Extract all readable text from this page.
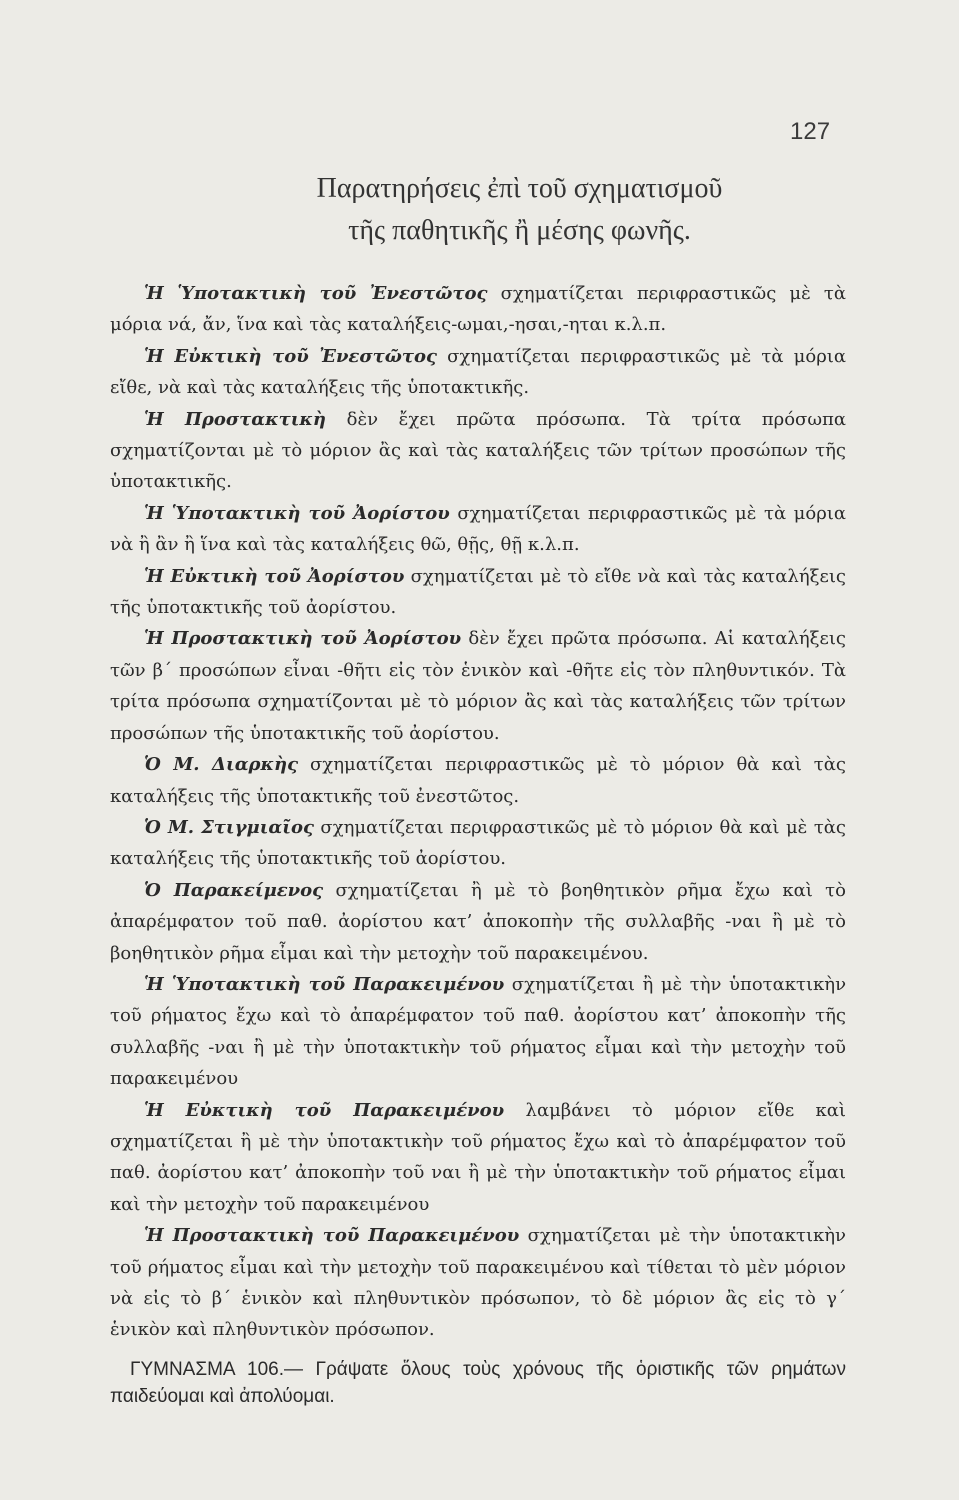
127
Παρατηρήσεις ἐπὶ τοῦ σχηματισμοῦ
τῆς παθητικῆς ἢ μέσης φωνῆς.

Ἡ Ὑποτακτικὴ τοῦ Ἐνεστῶτος σχηματίζεται περιφραστικῶς μὲ τὰ μόρια νά, ἄν, ἵνα καὶ τὰς καταλήξεις-ωμαι,-ησαι,-ηται κ.λ.π.

Ἡ Εὐκτικὴ τοῦ Ἐνεστῶτος σχηματίζεται περιφραστικῶς μὲ τὰ μόρια εἴθε, νὰ καὶ τὰς καταλήξεις τῆς ὑποτακτικῆς.

Ἡ Προστακτικὴ δὲν ἔχει πρῶτα πρόσωπα. Τὰ τρίτα πρόσωπα σχηματίζονται μὲ τὸ μόριον ἂς καὶ τὰς καταλήξεις τῶν τρίτων προσώπων τῆς ὑποτακτικῆς.

Ἡ Ὑποτακτικὴ τοῦ Ἀορίστου σχηματίζεται περιφραστικῶς μὲ τὰ μόρια νὰ ἢ ἂν ἢ ἵνα καὶ τὰς καταλήξεις θῶ, θῇς, θῇ κ.λ.π.

Ἡ Εὐκτικὴ τοῦ Ἀορίστου σχηματίζεται μὲ τὸ εἴθε νὰ καὶ τὰς καταλήξεις τῆς ὑποτακτικῆς τοῦ ἀορίστου.

Ἡ Προστακτικὴ τοῦ Ἀορίστου δὲν ἔχει πρῶτα πρόσωπα. Αἱ καταλήξεις τῶν β´ προσώπων εἶναι -θῆτι εἰς τὸν ἑνικὸν καὶ -θῆτε εἰς τὸν πληθυντικόν. Τὰ τρίτα πρόσωπα σχηματίζονται μὲ τὸ μόριον ἂς καὶ τὰς καταλήξεις τῶν τρίτων προσώπων τῆς ὑποτακτικῆς τοῦ ἀορίστου.

Ὁ Μ. Διαρκὴς σχηματίζεται περιφραστικῶς μὲ τὸ μόριον θὰ καὶ τὰς καταλήξεις τῆς ὑποτακτικῆς τοῦ ἐνεστῶτος.

Ὁ Μ. Στιγμιαῖος σχηματίζεται περιφραστικῶς μὲ τὸ μόριον θὰ καὶ μὲ τὰς καταλήξεις τῆς ὑποτακτικῆς τοῦ ἀορίστου.

Ὁ Παρακείμενος σχηματίζεται ἢ μὲ τὸ βοηθητικὸν ρῆμα ἔχω καὶ τὸ ἀπαρέμφατον τοῦ παθ. ἀορίστου κατ’ ἀποκοπὴν τῆς συλλαβῆς -ναι ἢ μὲ τὸ βοηθητικὸν ρῆμα εἶμαι καὶ τὴν μετοχὴν τοῦ παρακειμένου.

Ἡ Ὑποτακτικὴ τοῦ Παρακειμένου σχηματίζεται ἢ μὲ τὴν ὑποτακτικὴν τοῦ ρήματος ἔχω καὶ τὸ ἀπαρέμφατον τοῦ παθ. ἀορίστου κατ’ ἀποκοπὴν τῆς συλλαβῆς -ναι ἢ μὲ τὴν ὑποτακτικὴν τοῦ ρήματος εἶμαι καὶ τὴν μετοχὴν τοῦ παρακειμένου

Ἡ Εὐκτικὴ τοῦ Παρακειμένου λαμβάνει τὸ μόριον εἴθε καὶ σχηματίζεται ἢ μὲ τὴν ὑποτακτικὴν τοῦ ρήματος ἔχω καὶ τὸ ἀπαρέμφατον τοῦ παθ. ἀορίστου κατ’ ἀποκοπὴν τοῦ ναι ἢ μὲ τὴν ὑποτακτικὴν τοῦ ρήματος εἶμαι καὶ τὴν μετοχὴν τοῦ παρακειμένου

Ἡ Προστακτικὴ τοῦ Παρακειμένου σχηματίζεται μὲ τὴν ὑποτακτικὴν τοῦ ρήματος εἶμαι καὶ τὴν μετοχὴν τοῦ παρακειμένου καὶ τίθεται τὸ μὲν μόριον νὰ εἰς τὸ β´ ἑνικὸν καὶ πληθυντικὸν πρόσωπον, τὸ δὲ μόριον ἂς εἰς τὸ γ´ ἑνικὸν καὶ πληθυντικὸν πρόσωπον.

ΓΥΜΝΑΣΜΑ 106.— Γράψατε ὅλους τοὺς χρόνους τῆς ὁριστικῆς τῶν ρημάτων παιδεύομαι καὶ ἀπολύομαι.
